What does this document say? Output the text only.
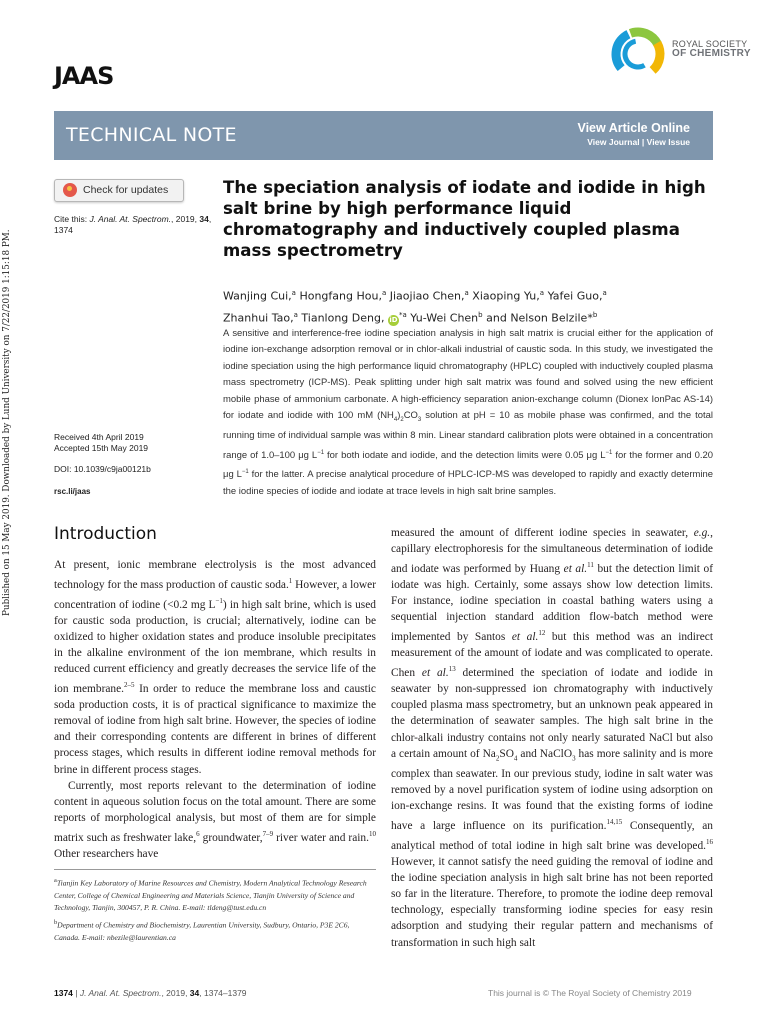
Published on 15 May 2019. Downloaded by Lund University on 7/22/2019 1:15:18 PM.
JAAS
ROYAL SOCIETY
OF CHEMISTRY
TECHNICAL NOTE	View Article Online
View Journal | View Issue
Check for updates
Cite this: J. Anal. At. Spectrom., 2019, 34, 1374
The speciation analysis of iodate and iodide in high salt brine by high performance liquid chromatography and inductively coupled plasma mass spectrometry
Wanjing Cui,$^a$ Hongfang Hou,$^a$ Jiaojiao Chen,$^a$ Xiaoping Yu,$^a$ Yafei Guo,$^a$
Zhanhui Tao,$^a$ Tianlong Deng, $iD^{*a}$ Yu-Wei Chen$^b$ and Nelson Belzile*$^b$
A sensitive and interference-free iodine speciation analysis in high salt matrix is crucial either for the application of iodine ion-exchange adsorption removal or in chlor-alkali industrial of caustic soda. In this study, we investigated the iodine speciation using the high performance liquid chromatography (HPLC) coupled with inductively coupled plasma mass spectrometry (ICP-MS). Peak splitting under high salt matrix was found and solved using the new efficient mobile phase of ammonium carbonate. A high-efficiency separation anion-exchange column (Dionex IonPac AS-14) for iodate and iodide with 100 mM $(NH_4)_2CO_3$ solution at pH = 10 as mobile phase was confirmed, and the total running time of individual sample was within 8 min. Linear standard calibration plots were obtained in a concentration range of 1.0–100 μg $L^{-1}$ for both iodate and iodide, and the detection limits were 0.05 μg $L^{-1}$ for the former and 0.20 μg $L^{-1}$ for the latter. A precise analytical procedure of HPLC-ICP-MS was developed to rapidly and exactly determine the iodine species of iodide and iodate at trace levels in high salt brine samples.
Received 4th April 2019
Accepted 15th May 2019
DOI: 10.1039/c9ja00121b
rsc.li/jaas
Introduction

At present, ionic membrane electrolysis is the most advanced technology for the mass production of caustic soda.$^1$ However, a lower concentration of iodine (<0.2 mg $L^{-1}$) in high salt brine, which is used for caustic soda production, is crucial; alternatively, iodine can be oxidized to higher oxidation states and produce insoluble precipitates in the alkaline environment of the ion membrane, which results in reduced current efficiency and greatly decreases the service life of the ion membrane.$^{2-5}$ In order to reduce the membrane loss and caustic soda production costs, it is of practical significance to maximize the removal of iodine from high salt brine. However, the species of iodine and their corresponding contents are different in brines of different process stages, which results in different iodine removal methods for brine in different process stages.

Currently, most reports relevant to the determination of iodine content in aqueous solution focus on the total amount. There are some reports of morphological analysis, but most of them are for simple matrix such as freshwater lake,$^6$ groundwater,$^{7-9}$ river water and rain.$^{10}$ Other researchers have

measured the amount of different iodine species in seawater, e.g., capillary electrophoresis for the simultaneous determination of iodide and iodate was performed by Huang et al.$^{11}$ but the detection limit of iodate was high. Certainly, some assays show low detection limits. For instance, iodine speciation in coastal bathing waters using a sequential injection standard addition flow-batch method were implemented by Santos et al.$^{12}$ but this method was an indirect measurement of the amount of iodate and was complicated to operate. Chen et al.$^{13}$ determined the speciation of iodate and iodide in seawater by non-suppressed ion chromatography with inductively coupled plasma mass spectrometry, but an unknown peak appeared in the determination of seawater samples. The high salt brine in the chlor-alkali industry contains not only nearly saturated NaCl but also a certain amount of $Na_2SO_4$ and NaClO$_3$ has more salinity and is more complex than seawater. In our previous study, iodine in salt water was removed by a novel purification system of iodine using adsorption on ion-exchange resins. It was found that the existing forms of iodine have a large influence on its purification.$^{14,15}$ Consequently, an analytical method of total iodine in high salt brine was developed.$^{16}$ However, it cannot satisfy the need guiding the removal of iodine and the iodine speciation analysis in high salt brine has not been reported so far in the literature. Therefore, to promote the iodine deep removal technology, especially transforming iodine species for easy resin adsorption and studying their regular pattern and mechanisms of transformation in such high salt

$^a$Tianjin Key Laboratory of Marine Resources and Chemistry, Modern Analytical Technology Research Center, College of Chemical Engineering and Materials Science, Tianjin University of Science and Technology, Tianjin, 300457, P. R. China. E-mail: tldeng@tust.edu.cn

$^b$Department of Chemistry and Biochemistry, Laurentian University, Sudbury, Ontario, P3E 2C6, Canada. E-mail: nbezile@laurentian.ca

1374 | J. Anal. At. Spectrom., 2019, 34, 1374–1379	This journal is © The Royal Society of Chemistry 2019
